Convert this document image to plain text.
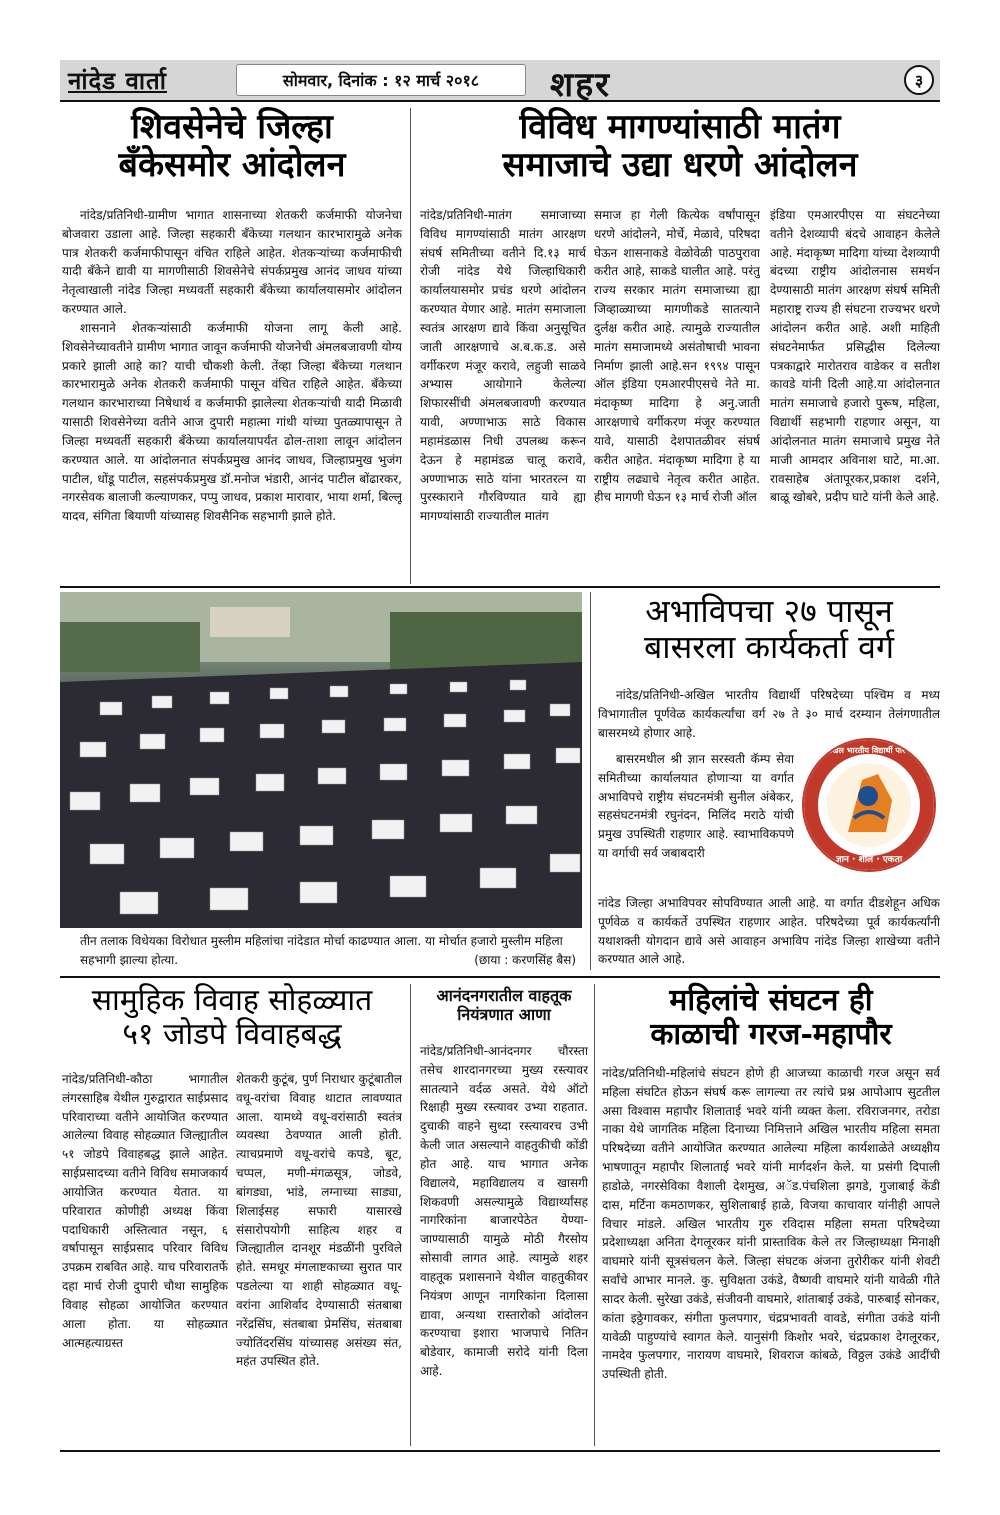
नांदेड वार्ता	सोमवार, दिनांक : १२ मार्च २०१८	शहर	३
शिवसेनेचे जिल्हा
बँकेसमोर आंदोलन

नांदेड/प्रतिनिधी-ग्रामीण भागात शासनाच्या शेतकरी कर्जमाफी योजनेचा बोजवारा उडाला आहे. जिल्हा सहकारी बँकेच्या गलथान कारभारामुळे अनेक पात्र शेतकरी कर्जमाफीपासून वंचित राहिले आहेत. शेतकऱ्यांच्या कर्जमाफीची यादी बँकेने द्यावी या मागणीसाठी शिवसेनेचे संपर्कप्रमुख आनंद जाधव यांच्या नेतृत्वाखाली नांदेड जिल्हा मध्यवर्ती सहकारी बँकेच्या कार्यालयासमोर आंदोलन करण्यात आले.

शासनाने शेतकऱ्यांसाठी कर्जमाफी योजना लागू केली आहे. शिवसेनेच्यावतीने ग्रामीण भागात जावून कर्जमाफी योजनेची अंमलबजावणी योग्य प्रकारे झाली आहे का? याची चौकशी केली. तेंव्हा जिल्हा बँकेच्या गलथान कारभारामुळे अनेक शेतकरी कर्जमाफी पासून वंचित राहिले आहेत. बँकेच्या गलथान कारभाराच्या निषेधार्थ व कर्जमाफी झालेल्या शेतकऱ्यांची यादी मिळावी यासाठी शिवसेनेच्या वतीने आज दुपारी महात्मा गांधी यांच्या पुतळ्यापासून ते जिल्हा मध्यवर्ती सहकारी बँकेच्या कार्यालयापर्यंत ढोल-ताशा लावून आंदोलन करण्यात आले. या आंदोलनात संपर्कप्रमुख आनंद जाधव, जिल्हाप्रमुख भुजंग पाटील, धोंडू पाटील, सहसंपर्कप्रमुख डॉ.मनोज भंडारी, आनंद पाटील बोंढारकर, नगरसेवक बालाजी कल्याणकर, पप्पु जाधव, प्रकाश मारावार, भाया शर्मा, बिल्लू यादव, संगिता बियाणी यांच्यासह शिवसैनिक सहभागी झाले होते.

विविध मागण्यांसाठी मातंग
समाजाचे उद्या धरणे आंदोलन
नांदेड/प्रतिनिधी-मातंग समाजाच्या विविध मागण्यांसाठी मातंग आरक्षण संघर्ष समितीच्या वतीने दि.१३ मार्च रोजी नांदेड येथे जिल्हाधिकारी कार्यालयासमोर प्रचंड धरणे आंदोलन करण्यात येणार आहे. मातंग समाजाला स्वतंत्र आरक्षण द्यावे किंवा अनुसूचित जाती आरक्षणाचे अ.ब.क.ड. असे वर्गीकरण मंजूर करावे, लहुजी साळवे अभ्यास आयोगाने केलेल्या शिफारसींची अंमलबजावणी करण्यात यावी, अण्णाभाऊ साठे विकास महामंडळास निधी उपलब्ध करून देऊन हे महामंडळ चालू करावे, अण्णाभाऊ साठे यांना भारतरत्न या पुरस्काराने गौरविण्यात यावे ह्या मागण्यांसाठी राज्यातील मातंग
समाज हा गेली कित्येक वर्षांपासून धरणे आंदोलने, मोर्चे, मेळावे, परिषदा घेऊन शासनाकडे वेळोवेळी पाठपुरावा करीत आहे, साकडे घालीत आहे. परंतु राज्य सरकार मातंग समाजाच्या ह्या जिव्हाळ्याच्या मागणीकडे सातत्याने दुर्लक्ष करीत आहे. त्यामुळे राज्यातील मातंग समाजामध्ये असंतोषाची भावना निर्माण झाली आहे.सन १९९४ पासून ऑल इंडिया एमआरपीएसचे नेते मा. मंदाकृष्ण मादिगा हे अनु.जाती आरक्षणाचे वर्गीकरण मंजूर करण्यात यावे, यासाठी देशपातळीवर संघर्ष करीत आहेत. मंदाकृष्ण मादिगा हे या राष्ट्रीय लढ्याचे नेतृत्व करीत आहेत. हीच मागणी घेऊन १३ मार्च रोजी ऑल
इंडिया एमआरपीएस या संघटनेच्या वतीने देशव्यापी बंदचे आवाहन केलेले आहे. मंदाकृष्ण मादिगा यांच्या देशव्यापी बंदच्या राष्ट्रीय आंदोलनास समर्थन देण्यासाठी मातंग आरक्षण संघर्ष समिती महाराष्ट्र राज्य ही संघटना राज्यभर धरणे आंदोलन करीत आहे. अशी माहिती संघटनेमार्फत प्रसिद्धीस दिलेल्या पत्रकाद्वारे मारोतराव वाडेकर व सतीश कावडे यांनी दिली आहे.या आंदोलनात मातंग समाजाचे हजारो पुरूष, महिला, विद्यार्थी सहभागी राहणार असून, या आंदोलनात मातंग समाजाचे प्रमुख नेते माजी आमदार अविनाश घाटे, मा.आ. रावसाहेब अंतापूरकर,प्रकाश दर्शने, बाळू खोबरे, प्रदीप घाटे यांनी केले आहे.
तीन तलाक विधेयका विरोधात मुस्लीम महिलांचा नांदेडात मोर्चा काढण्यात आला. या मोर्चात हजारो मुस्लीम महिला सहभागी झाल्या होत्या.	(छाया : करणसिंह बैस)
अभाविपचा २७ पासून
बासरला कार्यकर्ता वर्ग

नांदेड/प्रतिनिधी-अखिल भारतीय विद्यार्थी परिषदेच्या पश्चिम व मध्य विभागातील पूर्णवेळ कार्यकर्त्यांचा वर्ग २७ ते ३० मार्च दरम्यान तेलंगणातील बासरमध्ये होणार आहे.

बासरमधील श्री ज्ञान सरस्वती कॅम्प सेवा समितीच्या कार्यालयात होणाऱ्या या वर्गात अभाविपचे राष्ट्रीय संघटनमंत्री सुनील अंबेकर, सहसंघटनमंत्री रघुनंदन, मिलिंद मराठे यांची प्रमुख उपस्थिती राहणार आहे. स्वाभाविकपणे या वर्गाची सर्व जबाबदारी

नांदेड जिल्हा अभाविपवर सोपविण्यात आली आहे. या वर्गात दीडशेहून अधिक पूर्णवेळ व कार्यकर्ते उपस्थित राहणार आहेत. परिषदेच्या पूर्व कार्यकर्त्यांनी यथाशक्ती योगदान द्यावे असे आवाहन अभाविप नांदेड जिल्हा शाखेच्या वतीने करण्यात आले आहे.
अखिल भारतीय विद्यार्थी परिषद
ज्ञान · शील · एकता
सामुहिक विवाह सोहळ्यात
५१ जोडपे विवाहबद्ध
नांदेड/प्रतिनिधी-कौठा भागातील लंगरसाहिब येथील गुरुद्वारात साईप्रसाद परिवाराच्या वतीने आयोजित करण्यात आलेल्या विवाह सोहळ्यात जिल्ह्यातील ५१ जोडपे विवाहबद्ध झाले आहेत. साईप्रसादच्या वतीने विविध समाजकार्य आयोजित करण्यात येतात. या परिवारात कोणीही अध्यक्ष किंवा पदाधिकारी अस्तित्वात नसून, ६ वर्षापासून साईप्रसाद परिवार विविध उपक्रम राबवित आहे. याच परिवारातर्फे दहा मार्च रोजी दुपारी चौथा सामुहिक विवाह सोहळा आयोजित करण्यात आला होता. या सोहळ्यात आत्महत्याग्रस्त
शेतकरी कुटूंब, पुर्ण निराधार कुटूंबातील वधू-वरांचा विवाह थाटात लावण्यात आला. यामध्ये वधू-वरांसाठी स्वतंत्र व्यवस्था ठेवण्यात आली होती. त्याचप्रमाणे वधू-वरांचे कपडे, बूट, चप्पल, मणी-मंगळसूत्र, जोडवे, बांगड्या, भांडे, लग्नाच्या साड्या, शिलाईसह सफारी यासारखे संसारोपयोगी साहित्य शहर व जिल्ह्यातील दानशूर मंडळींनी पुरविले होते. समधूर मंगलाष्टकाच्या सुरात पार पडलेल्या या शाही सोहळ्यात वधू-वरांना आशिर्वाद देण्यासाठी संतबाबा नरेंद्रसिंघ, संतबाबा प्रेमसिंघ, संतबाबा ज्योतिंदरसिंघ यांच्यासह असंख्य संत, महंत उपस्थित होते.
आनंदनगरातील वाहतूक
नियंत्रणात आणा
नांदेड/प्रतिनिधी-आनंदनगर चौरस्ता तसेच शारदानगरच्या मुख्य रस्त्यावर सातत्याने वर्दळ असते. येथे ऑटो रिक्षाही मुख्य रस्त्यावर उभ्या राहतात. दुचाकी वाहने सुध्दा रस्त्यावरच उभी केली जात असल्याने वाहतुकीची कोंडी होत आहे. याच भागात अनेक विद्यालये, महाविद्यालय व खासगी शिकवणी असल्यामुळे विद्यार्थ्यांसह नागरिकांना बाजारपेठेत येण्या-जाण्यासाठी यामुळे मोठी गैरसोय सोसावी लागत आहे. त्यामुळे शहर वाहतूक प्रशासनाने येथील वाहतुकीवर नियंत्रण आणून नागरिकांना दिलासा द्यावा, अन्यथा रास्तारोको आंदोलन करण्याचा इशारा भाजपाचे नितिन बोडेवार, कामाजी सरोदे यांनी दिला आहे.
महिलांचे संघटन ही
काळाची गरज-महापौर
नांदेड/प्रतिनिधी-महिलांचे संघटन होणे ही आजच्या काळाची गरज असून सर्व महिला संघटित होऊन संघर्ष करू लागल्या तर त्यांचे प्रश्न आपोआप सुटतील असा विश्वास महापौर शिलाताई भवरे यांनी व्यक्त केला. रविराजनगर, तरोडा नाका येथे जागतिक महिला दिनाच्या निमित्ताने अखिल भारतीय महिला समता परिषदेच्या वतीने आयोजित करण्यात आलेल्या महिला कार्यशाळेते अध्यक्षीय भाषणातून महापौर शिलाताई भवरे यांनी मार्गदर्शन केले. या प्रसंगी दिपाली हाडोळे, नगरसेविका वैशाली देशमुख, अॅड.पंचशिला झगडे, गुजाबाई केंडी दास, मर्टिना कमठाणकर, सुशिलाबाई हाळे, विजया काचावार यांनीही आपले विचार मांडले. अखिल भारतीय गुरु रविदास महिला समता परिषदेच्या प्रदेशाध्यक्षा अनिता देगलूरकर यांनी प्रास्ताविक केले तर जिल्हाध्यक्षा मिनाक्षी वाघमारे यांनी सूत्रसंचलन केले. जिल्हा संघटक अंजना तुरोरीकर यांनी शेवटी सर्वांचे आभार मानले. कु. सुविक्षता उकंडे, वैष्णवी वाघमारे यांनी यावेळी गीते सादर केली. सुरेखा उकंडे, संजीवनी वाघमारे, शांताबाई उकंडे, पारुबाई सोनकर, कांता इठ्ठेगावकर, संगीता फुलपगार, चंद्रप्रभावती वावडे, संगीता उकंडे यांनी यावेळी पाहुण्यांचे स्वागत केले. यानुसंगी किशोर भवरे, चंद्रप्रकाश देगलूरकर, नामदेव फुलपगार, नारायण वाघमारे, शिवराज कांबळे, विठ्ठल उकंडे आदींची उपस्थिती होती.
